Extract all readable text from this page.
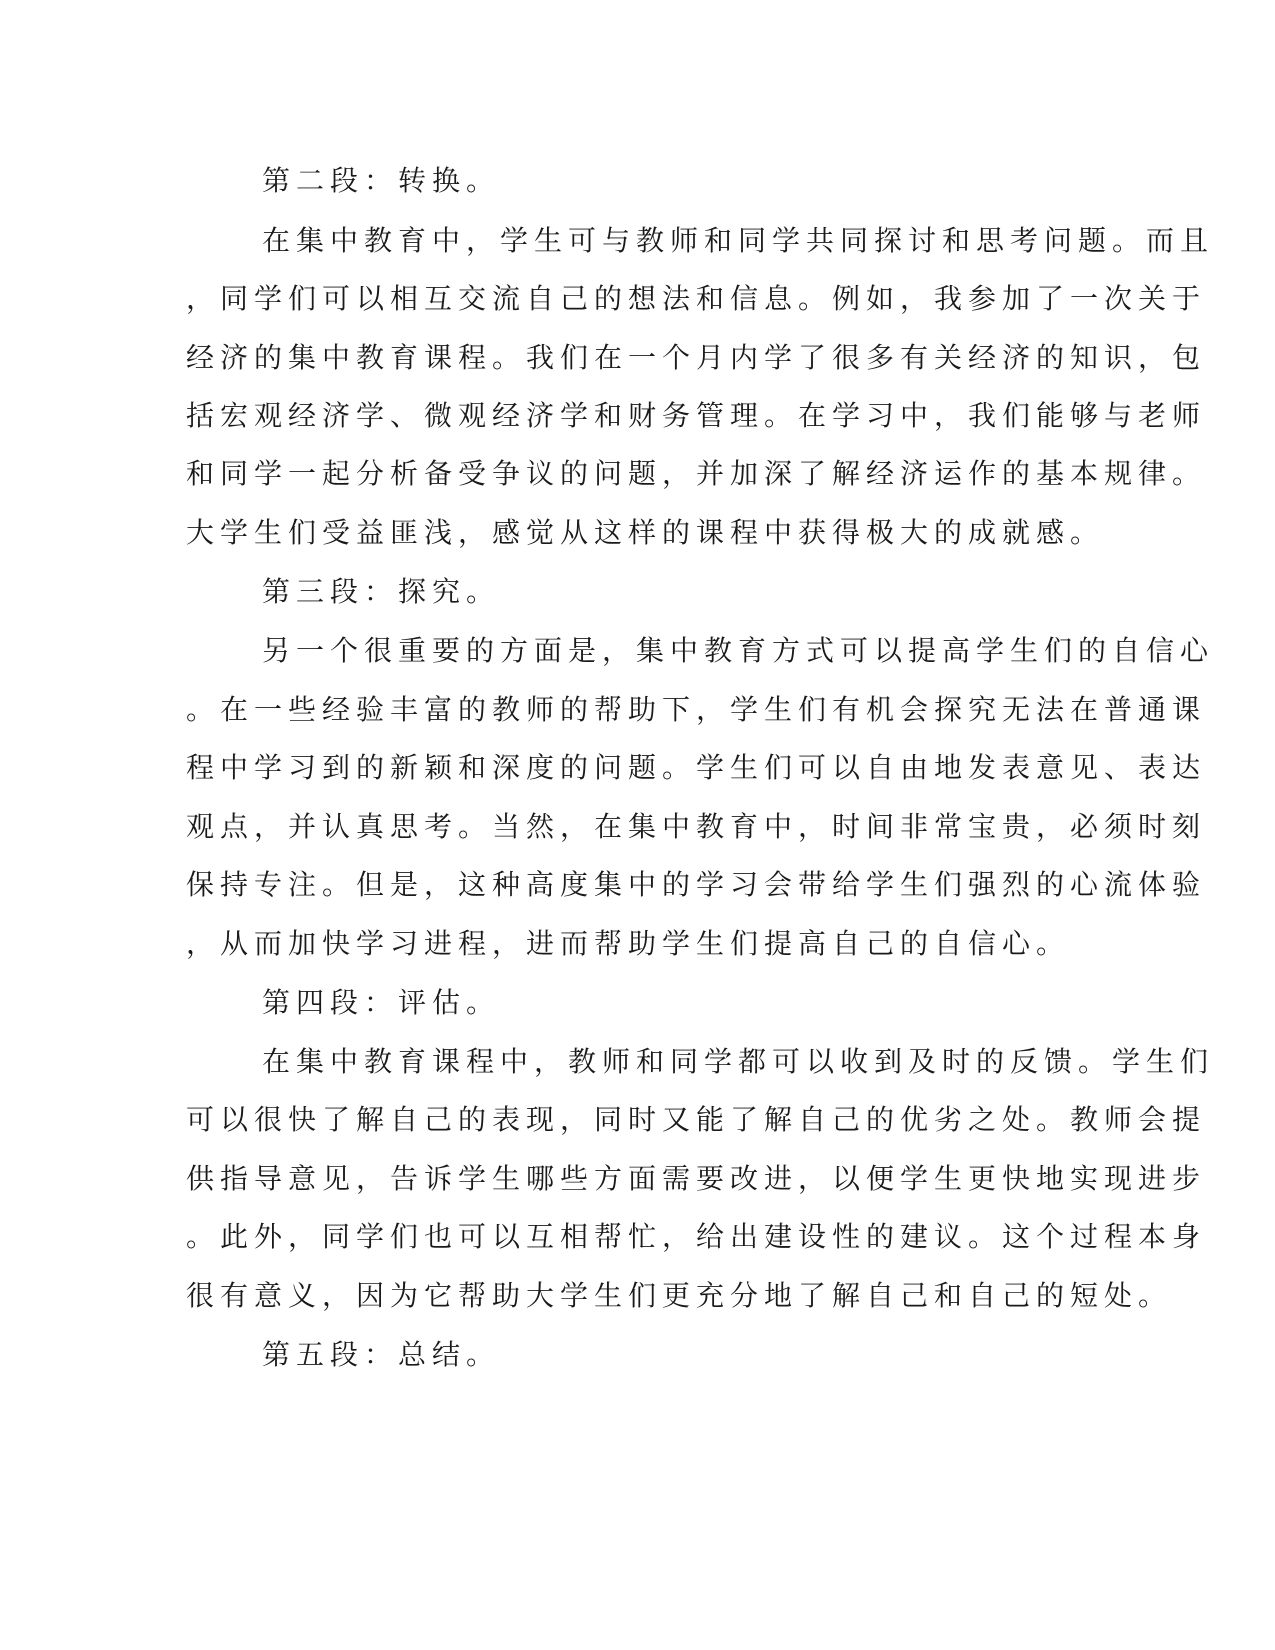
第二段：转换。
在集中教育中，学生可与教师和同学共同探讨和思考问题。而且
，同学们可以相互交流自己的想法和信息。例如，我参加了一次关于
经济的集中教育课程。我们在一个月内学了很多有关经济的知识，包
括宏观经济学、微观经济学和财务管理。在学习中，我们能够与老师
和同学一起分析备受争议的问题，并加深了解经济运作的基本规律。
大学生们受益匪浅，感觉从这样的课程中获得极大的成就感。
第三段：探究。
另一个很重要的方面是，集中教育方式可以提高学生们的自信心
。在一些经验丰富的教师的帮助下，学生们有机会探究无法在普通课
程中学习到的新颖和深度的问题。学生们可以自由地发表意见、表达
观点，并认真思考。当然，在集中教育中，时间非常宝贵，必须时刻
保持专注。但是，这种高度集中的学习会带给学生们强烈的心流体验
，从而加快学习进程，进而帮助学生们提高自己的自信心。
第四段：评估。
在集中教育课程中，教师和同学都可以收到及时的反馈。学生们
可以很快了解自己的表现，同时又能了解自己的优劣之处。教师会提
供指导意见，告诉学生哪些方面需要改进，以便学生更快地实现进步
。此外，同学们也可以互相帮忙，给出建设性的建议。这个过程本身
很有意义，因为它帮助大学生们更充分地了解自己和自己的短处。
第五段：总结。
